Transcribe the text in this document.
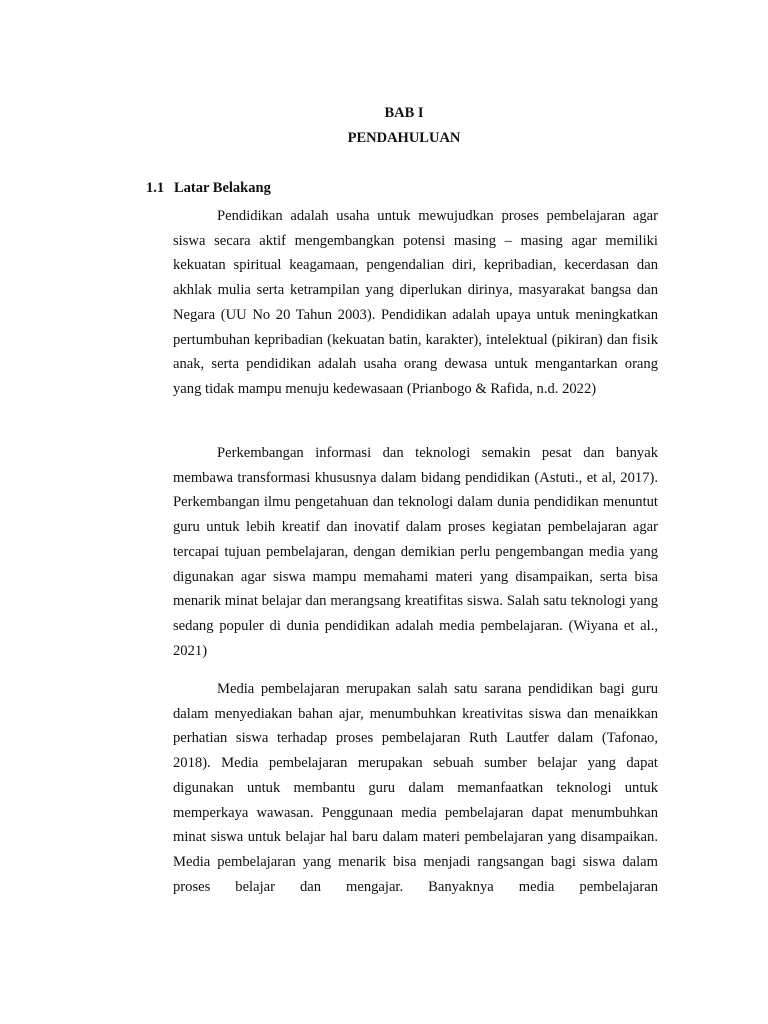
BAB I
PENDAHULUAN
1.1 Latar Belakang

Pendidikan adalah usaha untuk mewujudkan proses pembelajaran agar siswa secara aktif mengembangkan potensi masing – masing agar memiliki kekuatan spiritual keagamaan, pengendalian diri, kepribadian, kecerdasan dan akhlak mulia serta ketrampilan yang diperlukan dirinya, masyarakat bangsa dan Negara (UU No 20 Tahun 2003). Pendidikan adalah upaya untuk meningkatkan pertumbuhan kepribadian (kekuatan batin, karakter), intelektual (pikiran) dan fisik anak, serta pendidikan adalah usaha orang dewasa untuk mengantarkan orang yang tidak mampu menuju kedewasaan (Prianbogo & Rafida, n.d. 2022)

Perkembangan informasi dan teknologi semakin pesat dan banyak membawa transformasi khususnya dalam bidang pendidikan (Astuti., et al, 2017). Perkembangan ilmu pengetahuan dan teknologi dalam dunia pendidikan menuntut guru untuk lebih kreatif dan inovatif dalam proses kegiatan pembelajaran agar tercapai tujuan pembelajaran, dengan demikian perlu pengembangan media yang digunakan agar siswa mampu memahami materi yang disampaikan, serta bisa menarik minat belajar dan merangsang kreatifitas siswa. Salah satu teknologi yang sedang populer di dunia pendidikan adalah media pembelajaran. (Wiyana et al., 2021)

Media pembelajaran merupakan salah satu sarana pendidikan bagi guru dalam menyediakan bahan ajar, menumbuhkan kreativitas siswa dan menaikkan perhatian siswa terhadap proses pembelajaran Ruth Lautfer dalam (Tafonao, 2018). Media pembelajaran merupakan sebuah sumber belajar yang dapat digunakan untuk membantu guru dalam memanfaatkan teknologi untuk memperkaya wawasan. Penggunaan media pembelajaran dapat menumbuhkan minat siswa untuk belajar hal baru dalam materi pembelajaran yang disampaikan. Media pembelajaran yang menarik bisa menjadi rangsangan bagi siswa dalam proses belajar dan mengajar. Banyaknya media pembelajaran
